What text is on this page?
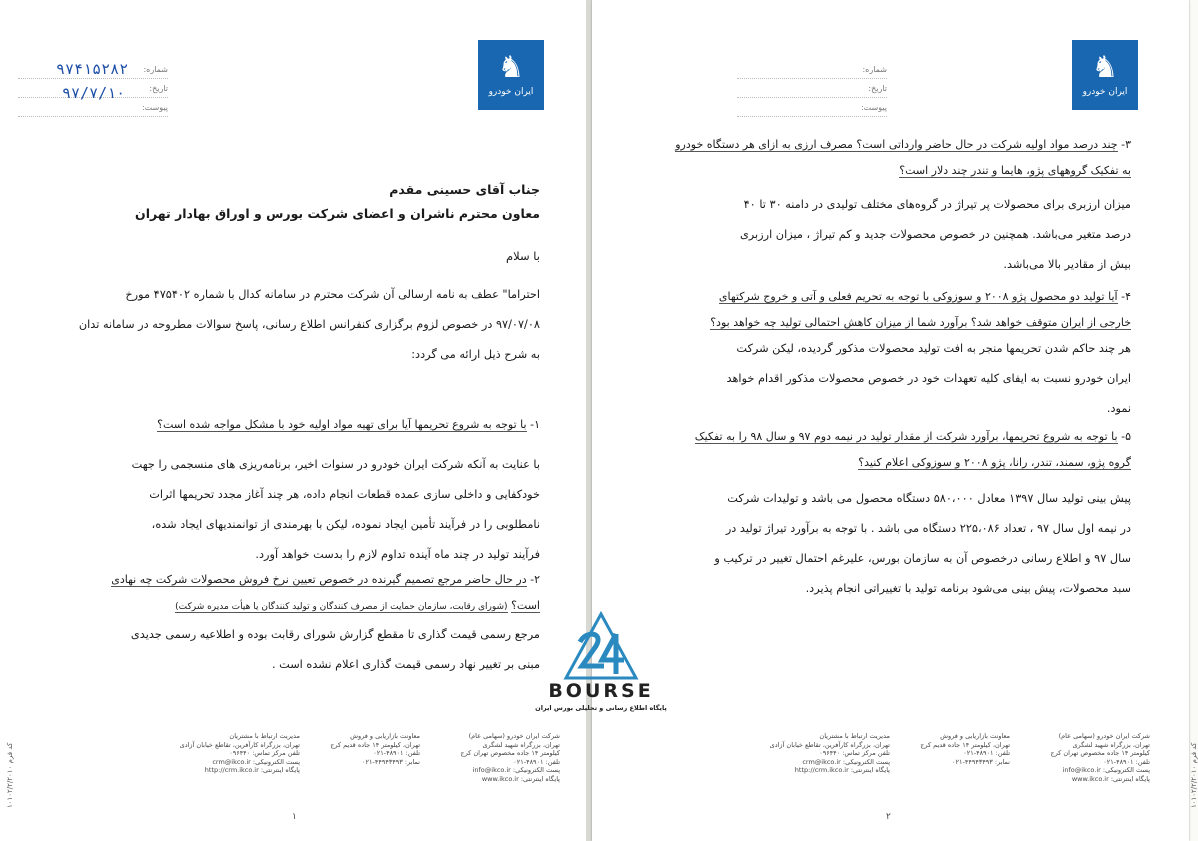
♞
ایران خودرو
شماره:
تاریخ:
پیوست:
۹۷۴۱۵۲۸۲
۹۷/۷/۱۰
جناب آقای حسینی مقدم
معاون محترم ناشران و اعضای شرکت بورس و اوراق بهادار تهران
با سلام

احتراما" عطف به نامه ارسالی آن شرکت محترم در سامانه کدال با شماره ۴۷۵۴۰۲ مورخ

۹۷/۰۷/۰۸ در خصوص لزوم برگزاری کنفرانس اطلاع رسانی، پاسخ سوالات مطروحه در سامانه تدان

به شرح ذیل ارائه می گردد:

۱- با توجه به شروع تحریمها آیا برای تهیه مواد اولیه خود با مشکل مواجه شده است؟

با عنایت به آنکه شرکت ایران خودرو در سنوات اخیر، برنامه‌ریزی های منسجمی را جهت

خودکفایی و داخلی سازی عمده قطعات انجام داده، هر چند آغاز مجدد تحریمها اثرات

نامطلوبی را در فرآیند تأمین ایجاد نموده، لیکن با بهرمندی از توانمندیهای ایجاد شده،

فرآیند تولید در چند ماه آینده تداوم لازم را بدست خواهد آورد.

۲- در حال حاضر مرجع تصمیم گیرنده در خصوص تعیین نرخ فروش محصولات شرکت چه نهادی
است؟ (شورای رقابت، سازمان حمایت از مصرف کنندگان و تولید کنندگان یا هیأت مدیره شرکت)

مرجع رسمی قیمت گذاری تا مقطع گزارش شورای رقابت بوده و اطلاعیه رسمی جدیدی

مبنی بر تغییر نهاد رسمی قیمت گذاری اعلام نشده است .

شرکت ایران خودرو (سهامی عام)
تهران، بزرگراه شهید لشگری
کیلومتر ۱۴ جاده مخصوص تهران کرج
تلفن: ۴۸۹۰۱-۰۲۱
پست الکترونیکی: info@ikco.ir
پایگاه اینترنتی: www.ikco.ir
معاونت بازاریابی و فروش
تهران، کیلومتر ۱۴ جاده قدیم کرج
تلفن: ۴۸۹۰۱-۰۲۱
نمابر: ۴۴۹۴۳۴۹۳-۰۲۱
مدیریت ارتباط با مشتریان
تهران، بزرگراه کارآفرین، تقاطع خیابان آزادی
تلفن مرکز تماس: ۰۹۶۴۴۰
پست الکترونیکی: crm@ikco.ir
پایگاه اینترنتی: http://crm.ikco.ir
کد فرم ۱۰۱۰۲/۲/۲۰۱۰
۱
♞
ایران خودرو
شماره:
تاریخ:
پیوست:
۳- چند درصد مواد اولیه شرکت در حال حاضر وارداتی است؟ مصرف ارزی به ازای هر دستگاه خودرو
به تفکیک گروههای پژو، هایما و تندر چند دلار است؟

میزان ارزبری برای محصولات پر تیراژ در گروه‌های مختلف تولیدی در دامنه ۳۰ تا ۴۰

درصد متغیر می‌باشد. همچنین در خصوص محصولات جدید و کم تیراژ ، میزان ارزبری

بیش از مقادیر بالا می‌باشد.

۴- آیا تولید دو محصول پژو ۲۰۰۸ و سوزوکی با توجه به تحریم فعلی و آتی و خروج شرکتهای
خارجی از ایران متوقف خواهد شد؟ برآورد شما از میزان کاهش احتمالی تولید چه خواهد بود؟

هر چند حاکم شدن تحریمها منجر به افت تولید محصولات مذکور گردیده، لیکن شرکت

ایران خودرو نسبت به ایفای کلیه تعهدات خود در خصوص محصولات مذکور اقدام خواهد

نمود.

۵- با توجه به شروع تحریمها، برآورد شرکت از مقدار تولید در نیمه دوم ۹۷ و سال ۹۸ را به تفکیک
گروه پژو، سمند، تندر، رانا، پژو ۲۰۰۸ و سوزوکی اعلام کنید؟

پیش بینی تولید سال ۱۳۹۷ معادل ۵۸۰،۰۰۰ دستگاه محصول می باشد و تولیدات شرکت

در نیمه اول سال ۹۷ ، تعداد ۲۲۵،۰۸۶ دستگاه می باشد . با توجه به برآورد تیراژ تولید در

سال ۹۷ و اطلاع رسانی درخصوص آن به سازمان بورس، علیرغم احتمال تغییر در ترکیب و

سبد محصولات، پیش بینی می‌شود برنامه تولید با تغییراتی انجام پذیرد.

کد فرم ۱۰۱۰۲/۲/۲۰۱۰
شرکت ایران خودرو (سهامی عام)
تهران، بزرگراه شهید لشگری
کیلومتر ۱۴ جاده مخصوص تهران کرج
تلفن: ۴۸۹۰۱-۰۲۱
پست الکترونیکی: info@ikco.ir
پایگاه اینترنتی: www.ikco.ir
معاونت بازاریابی و فروش
تهران، کیلومتر ۱۴ جاده قدیم کرج
تلفن: ۴۸۹۰۱-۰۲۱
نمابر: ۴۴۹۴۳۴۹۳-۰۲۱
مدیریت ارتباط با مشتریان
تهران، بزرگراه کارآفرین، تقاطع خیابان آزادی
تلفن مرکز تماس: ۰۹۶۴۴۰
پست الکترونیکی: crm@ikco.ir
پایگاه اینترنتی: http://crm.ikco.ir
۲
BOURSE
پایگاه اطلاع رسانی و تحلیلی بورس ایران
